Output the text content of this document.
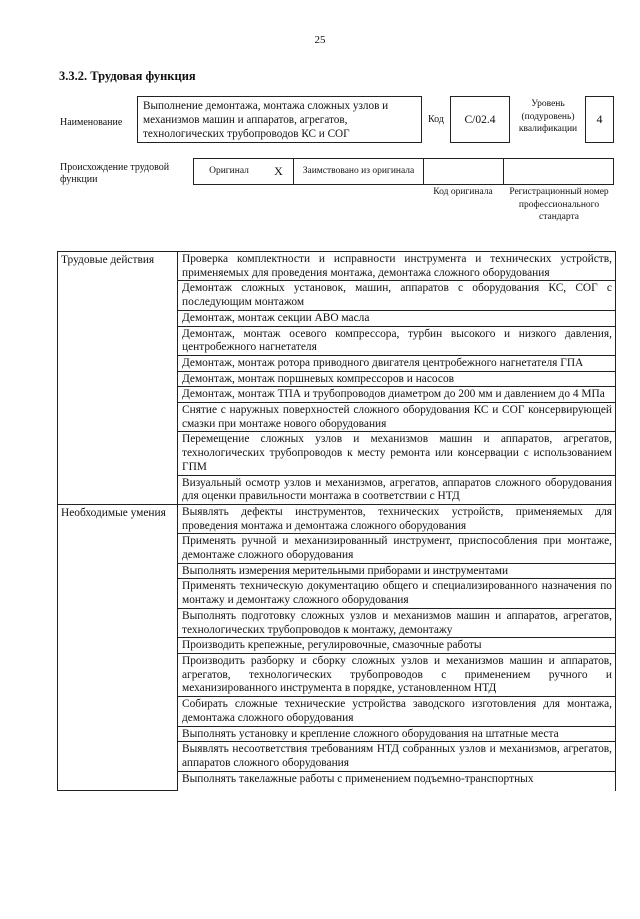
25
3.3.2. Трудовая функция
Наименование
Выполнение демонтажа, монтажа сложных узлов и механизмов машин и аппаратов, агрегатов, технологических трубопроводов КС и СОГ
Код	C/02.4
Уровень (подуровень) квалификации
4
Происхождение трудовой функции
Оригинал	X	Заимствовано из оригинала
Код оригинала	Регистрационный номер профессионального стандарта
Трудовые действия	Проверка комплектности и исправности инструмента и технических устройств, применяемых для проведения монтажа, демонтажа сложного оборудования
	Демонтаж сложных установок, машин, аппаратов с оборудования КС, СОГ с последующим монтажом
	Демонтаж, монтаж секции АВО масла
	Демонтаж, монтаж осевого компрессора, турбин высокого и низкого давления, центробежного нагнетателя
	Демонтаж, монтаж ротора приводного двигателя центробежного нагнетателя ГПА
	Демонтаж, монтаж поршневых компрессоров и насосов
	Демонтаж, монтаж ТПА и трубопроводов диаметром до 200 мм и давлением до 4 МПа
	Снятие с наружных поверхностей сложного оборудования КС и СОГ консервирующей смазки при монтаже нового оборудования
	Перемещение сложных узлов и механизмов машин и аппаратов, агрегатов, технологических трубопроводов к месту ремонта или консервации с использованием ГПМ
	Визуальный осмотр узлов и механизмов, агрегатов, аппаратов сложного оборудования для оценки правильности монтажа в соответствии с НТД
Необходимые умения	Выявлять дефекты инструментов, технических устройств, применяемых для проведения монтажа и демонтажа сложного оборудования
	Применять ручной и механизированный инструмент, приспособления при монтаже, демонтаже сложного оборудования
	Выполнять измерения мерительными приборами и инструментами
	Применять техническую документацию общего и специализированного назначения по монтажу и демонтажу сложного оборудования
	Выполнять подготовку сложных узлов и механизмов машин и аппаратов, агрегатов, технологических трубопроводов к монтажу, демонтажу
	Производить крепежные, регулировочные, смазочные работы
	Производить разборку и сборку сложных узлов и механизмов машин и аппаратов, агрегатов, технологических трубопроводов с применением ручного и механизированного инструмента в порядке, установленном НТД
	Собирать сложные технические устройства заводского изготовления для монтажа, демонтажа сложного оборудования
	Выполнять установку и крепление сложного оборудования на штатные места
	Выявлять несоответствия требованиям НТД собранных узлов и механизмов, агрегатов, аппаратов сложного оборудования

	Выполнять такелажные работы с применением подъемно-транспортных
